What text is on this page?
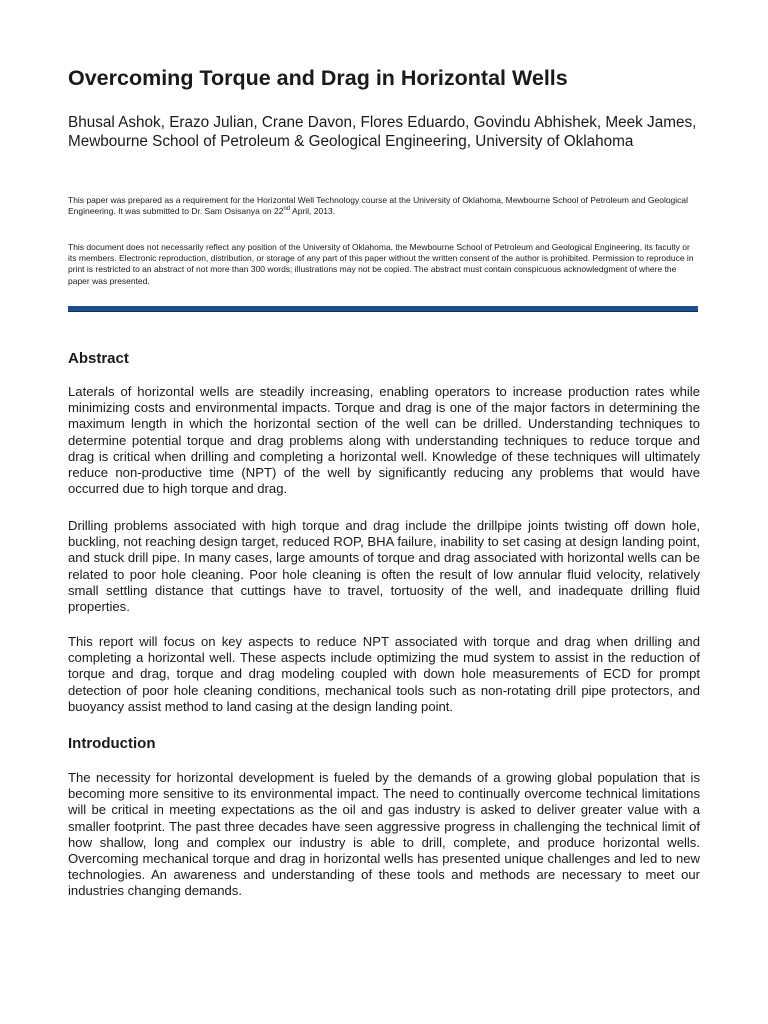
Overcoming Torque and Drag in Horizontal Wells

Bhusal Ashok, Erazo Julian, Crane Davon, Flores Eduardo, Govindu Abhishek, Meek James, Mewbourne School of Petroleum & Geological Engineering, University of Oklahoma

This paper was prepared as a requirement for the Horizontal Well Technology course at the University of Oklahoma, Mewbourne School of Petroleum and Geological Engineering. It was submitted to Dr. Sam Osisanya on 22nd April, 2013.

This document does not necessarily reflect any position of the University of Oklahoma, the Mewbourne School of Petroleum and Geological Engineering, its faculty or its members. Electronic reproduction, distribution, or storage of any part of this paper without the written consent of the author is prohibited. Permission to reproduce in print is restricted to an abstract of not more than 300 words; illustrations may not be copied. The abstract must contain conspicuous acknowledgment of where the paper was presented.

Abstract

Laterals of horizontal wells are steadily increasing, enabling operators to increase production rates while minimizing costs and environmental impacts. Torque and drag is one of the major factors in determining the maximum length in which the horizontal section of the well can be drilled. Understanding techniques to determine potential torque and drag problems along with understanding techniques to reduce torque and drag is critical when drilling and completing a horizontal well. Knowledge of these techniques will ultimately reduce non-productive time (NPT) of the well by significantly reducing any problems that would have occurred due to high torque and drag.

Drilling problems associated with high torque and drag include the drillpipe joints twisting off down hole, buckling, not reaching design target, reduced ROP, BHA failure, inability to set casing at design landing point, and stuck drill pipe. In many cases, large amounts of torque and drag associated with horizontal wells can be related to poor hole cleaning. Poor hole cleaning is often the result of low annular fluid velocity, relatively small settling distance that cuttings have to travel, tortuosity of the well, and inadequate drilling fluid properties.

This report will focus on key aspects to reduce NPT associated with torque and drag when drilling and completing a horizontal well. These aspects include optimizing the mud system to assist in the reduction of torque and drag, torque and drag modeling coupled with down hole measurements of ECD for prompt detection of poor hole cleaning conditions, mechanical tools such as non-rotating drill pipe protectors, and buoyancy assist method to land casing at the design landing point.

Introduction

The necessity for horizontal development is fueled by the demands of a growing global population that is becoming more sensitive to its environmental impact. The need to continually overcome technical limitations will be critical in meeting expectations as the oil and gas industry is asked to deliver greater value with a smaller footprint. The past three decades have seen aggressive progress in challenging the technical limit of how shallow, long and complex our industry is able to drill, complete, and produce horizontal wells. Overcoming mechanical torque and drag in horizontal wells has presented unique challenges and led to new technologies. An awareness and understanding of these tools and methods are necessary to meet our industries changing demands.
